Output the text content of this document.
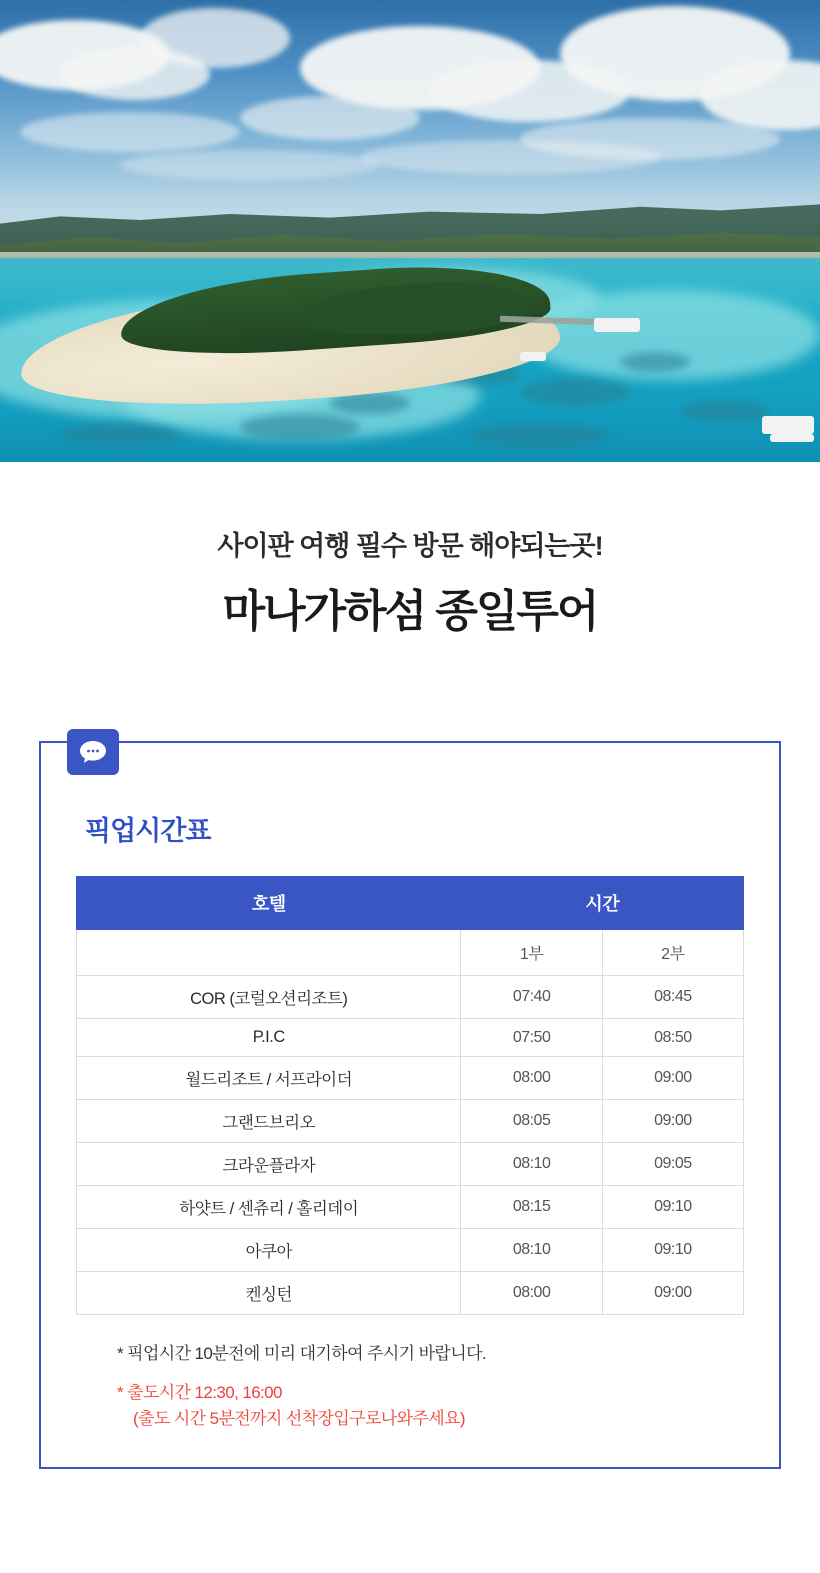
사이판 여행 필수 방문 해야되는곳!

마나가하섬 종일투어
픽업시간표
호텔	시간	
	1부	2부
COR (코럴오션리조트)	07:40	08:45
P.I.C	07:50	08:50
월드리조트 / 서프라이더	08:00	09:00
그랜드브리오	08:05	09:00
크라운플라자	08:10	09:05
하얏트 / 센츄리 / 홀리데이	08:15	09:10
아쿠아	08:10	09:10
켄싱턴	08:00	09:00

* 픽업시간 10분전에 미리 대기하여 주시기 바랍니다.

* 출도시간 12:30, 16:00
(출도 시간 5분전까지 선착장입구로나와주세요)
